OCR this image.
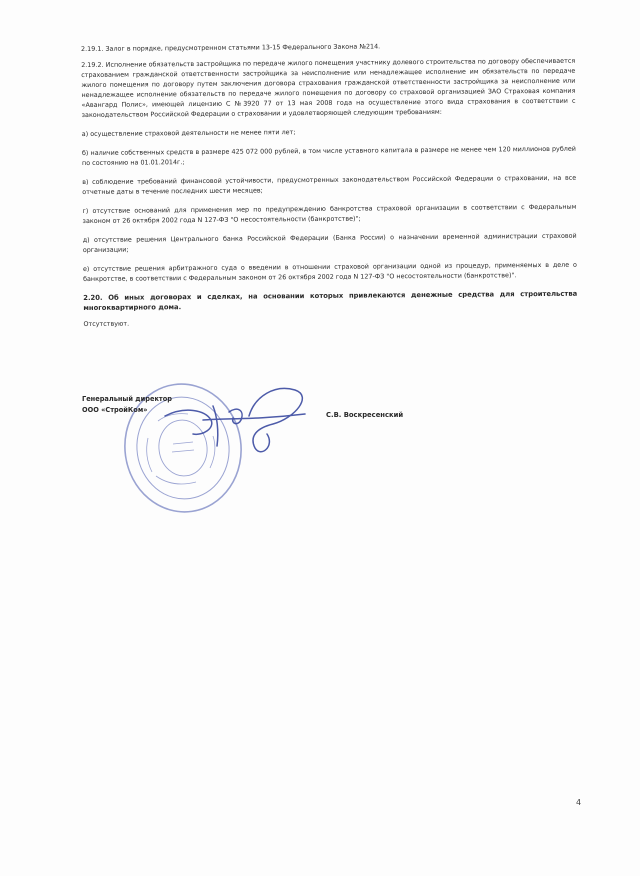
2.19.1. Залог в порядке, предусмотренном статьями 13-15 Федерального Закона №214.

2.19.2. Исполнение обязательств застройщика по передаче жилого помещения участнику долевого строительства по договору обеспечивается страхованием гражданской ответственности застройщика за неисполнение или ненадлежащее исполнение им обязательств по передаче жилого помещения по договору путем заключения договора страхования гражданской ответственности застройщика за неисполнение или ненадлежащее исполнение обязательств по передаче жилого помещения по договору со страховой организацией ЗАО Страховая компания «Авангард Полис», имеющей лицензию С №3920 77 от 13 мая 2008 года на осуществление этого вида страхования в соответствии с законодательством Российской Федерации о страховании и удовлетворяющей следующим требованиям:

а) осуществление страховой деятельности не менее пяти лет;

б) наличие собственных средств в размере 425 072 000 рублей, в том числе уставного капитала в размере не менее чем 120 миллионов рублей по состоянию на 01.01.2014г.;

в) соблюдение требований финансовой устойчивости, предусмотренных законодательством Российской Федерации о страховании, на все отчетные даты в течение последних шести месяцев;

г) отсутствие оснований для применения мер по предупреждению банкротства страховой организации в соответствии с Федеральным законом от 26 октября 2002 года N 127-ФЗ "О несостоятельности (банкротстве)";

д) отсутствие решения Центрального банка Российской Федерации (Банка России) о назначении временной администрации страховой организации;

е) отсутствие решения арбитражного суда о введении в отношении страховой организации одной из процедур, применяемых в деле о банкротстве, в соответствии с Федеральным законом от 26 октября 2002 года N 127-ФЗ "О несостоятельности (банкротстве)".

2.20. Об иных договорах и сделках, на основании которых привлекаются денежные средства для строительства многоквартирного дома.

Отсутствуют.

Генеральный директор
ООО «СтройКом»
С.В. Воскресенский
4
